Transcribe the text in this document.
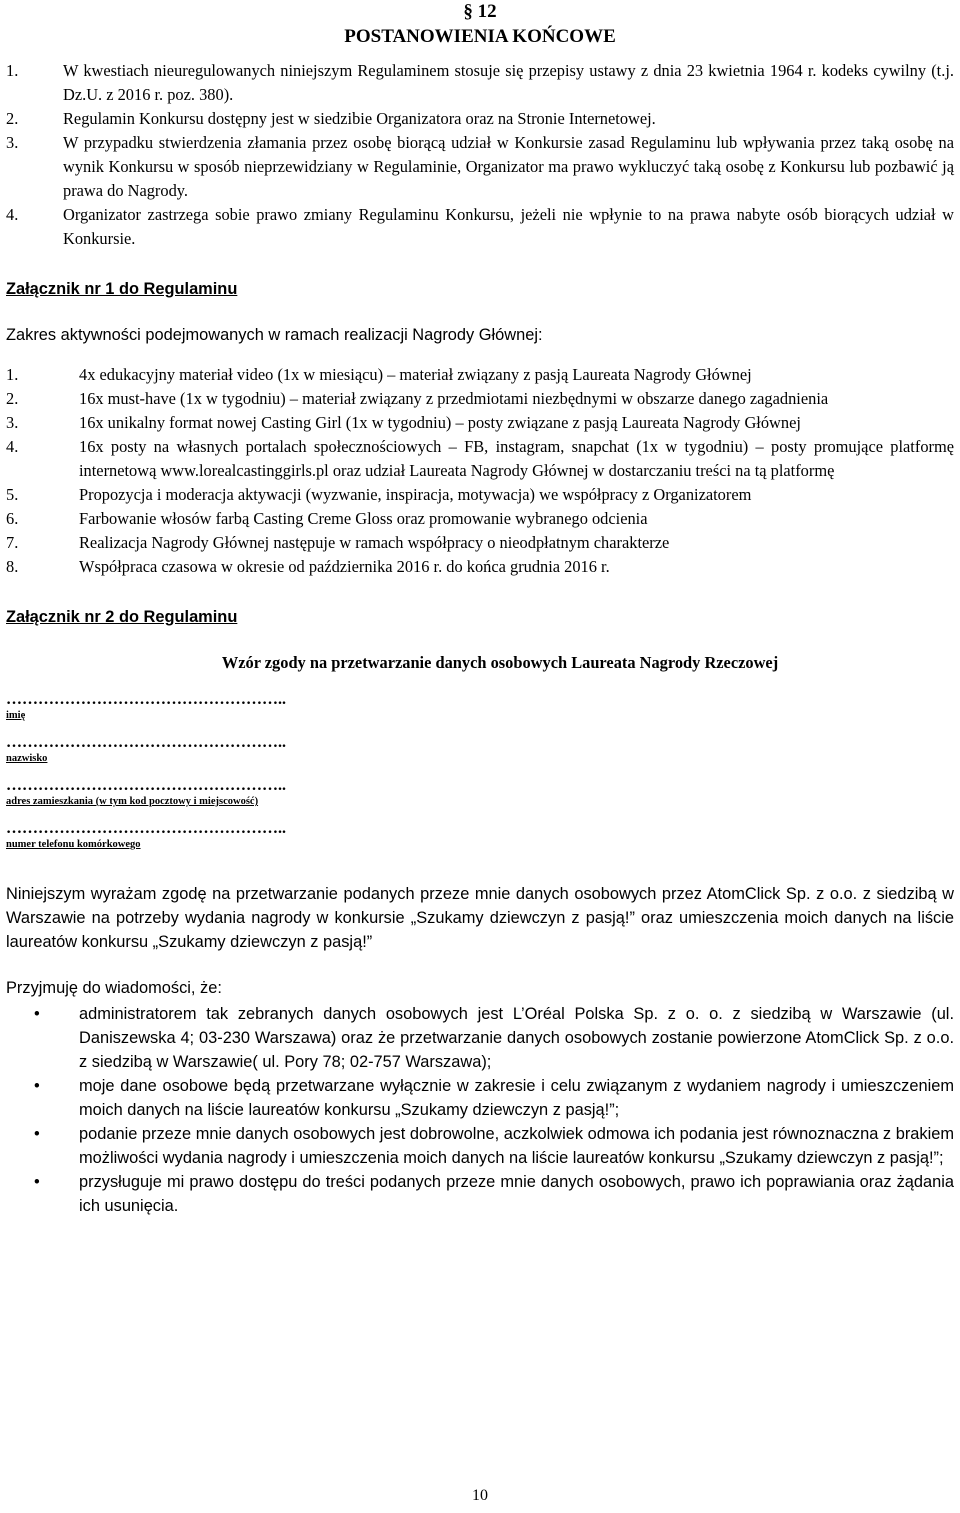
§ 12
POSTANOWIENIA KOŃCOWE
1.	W kwestiach nieuregulowanych niniejszym Regulaminem stosuje się przepisy ustawy z dnia 23 kwietnia 1964 r. kodeks cywilny (t.j. Dz.U. z 2016 r. poz. 380).
2.	Regulamin Konkursu dostępny jest w siedzibie Organizatora oraz na Stronie Internetowej.
3.	W przypadku stwierdzenia złamania przez osobę biorącą udział w Konkursie zasad Regulaminu lub wpływania przez taką osobę na wynik Konkursu w sposób nieprzewidziany w Regulaminie, Organizator ma prawo wykluczyć taką osobę z Konkursu lub pozbawić ją prawa do Nagrody.
4.	Organizator zastrzega sobie prawo zmiany Regulaminu Konkursu, jeżeli nie wpłynie to na prawa nabyte osób biorących udział w Konkursie.
Załącznik nr 1 do Regulaminu
Zakres aktywności podejmowanych w ramach realizacji Nagrody Głównej:
1.	4x edukacyjny materiał video (1x w miesiącu) – materiał związany z pasją Laureata Nagrody Głównej
2.	16x must-have (1x w tygodniu) – materiał związany z przedmiotami niezbędnymi w obszarze danego zagadnienia
3.	16x unikalny format nowej Casting Girl (1x w tygodniu) – posty związane z pasją Laureata Nagrody Głównej
4.	16x posty na własnych portalach społecznościowych – FB, instagram, snapchat (1x w tygodniu) – posty promujące platformę internetową www.lorealcastinggirls.pl oraz udział Laureata Nagrody Głównej w dostarczaniu treści na tą platformę
5.	Propozycja i moderacja aktywacji (wyzwanie, inspiracja, motywacja) we współpracy z Organizatorem
6.	Farbowanie włosów farbą Casting Creme Gloss oraz promowanie wybranego odcienia
7.	Realizacja Nagrody Głównej następuje w ramach współpracy o nieodpłatnym charakterze
8.	Współpraca czasowa w okresie od października 2016 r. do końca grudnia 2016 r.
Załącznik nr 2 do Regulaminu
Wzór zgody na przetwarzanie danych osobowych Laureata Nagrody Rzeczowej
……………………………………………..
imię
……………………………………………..
nazwisko
……………………………………………..
adres zamieszkania (w tym kod pocztowy i miejscowość)
……………………………………………..
numer telefonu komórkowego
Niniejszym wyrażam zgodę na przetwarzanie podanych przeze mnie danych osobowych przez AtomClick Sp. z o.o. z siedzibą w Warszawie na potrzeby wydania nagrody w konkursie „Szukamy dziewczyn z pasją!” oraz umieszczenia moich danych na liście laureatów konkursu „Szukamy dziewczyn z pasją!”
Przyjmuję do wiadomości, że:
•	administratorem tak zebranych danych osobowych jest L’Oréal Polska Sp. z o. o. z siedzibą w Warszawie (ul. Daniszewska 4; 03-230 Warszawa) oraz że przetwarzanie danych osobowych zostanie powierzone AtomClick Sp. z o.o. z siedzibą w Warszawie( ul. Pory 78; 02-757 Warszawa);
•	moje dane osobowe będą przetwarzane wyłącznie w zakresie i celu związanym z wydaniem nagrody i umieszczeniem moich danych na liście laureatów konkursu „Szukamy dziewczyn z pasją!”;
•	podanie przeze mnie danych osobowych jest dobrowolne, aczkolwiek odmowa ich podania jest równoznaczna z brakiem możliwości wydania nagrody i umieszczenia moich danych na liście laureatów konkursu „Szukamy dziewczyn z pasją!”;
•	przysługuje mi prawo dostępu do treści podanych przeze mnie danych osobowych, prawo ich poprawiania oraz żądania ich usunięcia.
10
